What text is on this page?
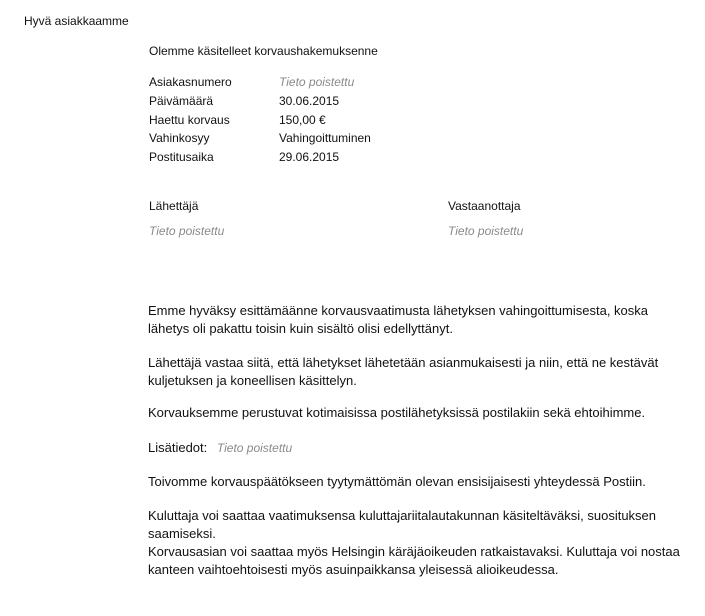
Hyvä asiakkaamme
Olemme käsitelleet korvaushakemuksenne
Asiakasnumero	Tieto poistettu
Päivämäärä	30.06.2015
Haettu korvaus	150,00 €
Vahinkosyy	Vahingoittuminen
Postitusaika	29.06.2015
Lähettäjä
Tieto poistettu
Vastaanottaja
Tieto poistettu
Emme hyväksy esittämäänne korvausvaatimusta lähetyksen vahingoittumisesta, koska
lähetys oli pakattu toisin kuin sisältö olisi edellyttänyt.
Lähettäjä vastaa siitä, että lähetykset lähetetään asianmukaisesti ja niin, että ne kestävät
kuljetuksen ja koneellisen käsittelyn.
Korvauksemme perustuvat kotimaisissa postilähetyksissä postilakiin sekä ehtoihimme.
Lisätiedot: Tieto poistettu
Toivomme korvauspäätökseen tyytymättömän olevan ensisijaisesti yhteydessä Postiin.
Kuluttaja voi saattaa vaatimuksensa kuluttajariitalautakunnan käsiteltäväksi, suosituksen
saamiseksi.
Korvausasian voi saattaa myös Helsingin käräjäoikeuden ratkaistavaksi. Kuluttaja voi nostaa
kanteen vaihtoehtoisesti myös asuinpaikkansa yleisessä alioikeudessa.
